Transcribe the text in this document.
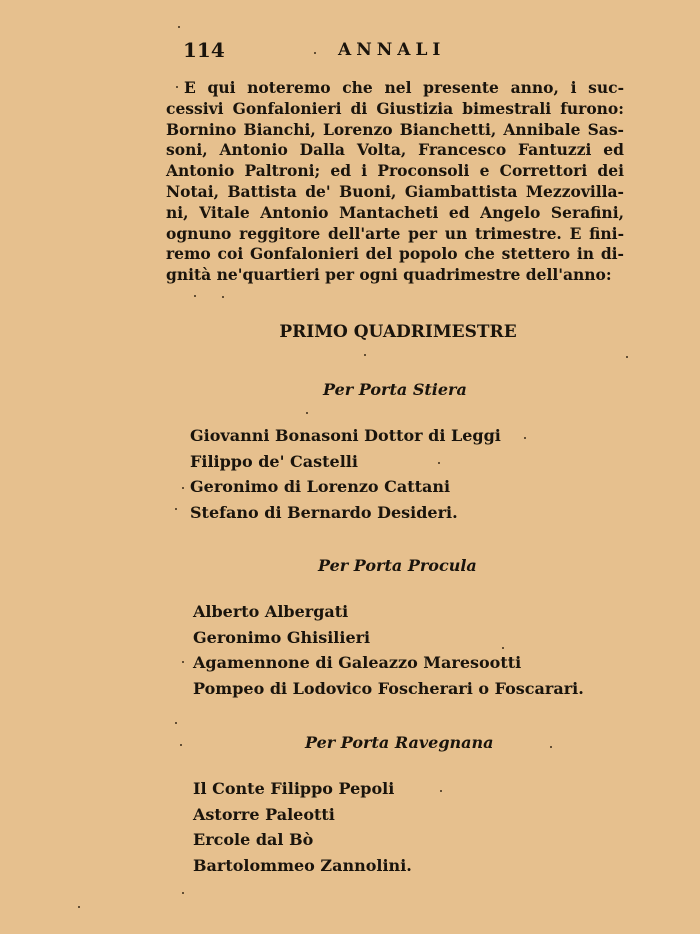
114	ANNALI

E qui noteremo che nel presente anno, i suc-
cessivi Gonfalonieri di Giustizia bimestrali furono:
Bornino Bianchi, Lorenzo Bianchetti, Annibale Sas-
soni, Antonio Dalla Volta, Francesco Fantuzzi ed
Antonio Paltroni; ed i Proconsoli e Correttori dei
Notai, Battista de' Buoni, Giambattista Mezzovilla-
ni, Vitale Antonio Mantacheti ed Angelo Serafini,
ognuno reggitore dell'arte per un trimestre. E fini-
remo coi Gonfalonieri del popolo che stettero in di-
gnità ne'quartieri per ogni quadrimestre dell'anno:

PRIMO QUADRIMESTRE
Per Porta Stiera
Giovanni Bonasoni Dottor di Leggi
Filippo de' Castelli
Geronimo di Lorenzo Cattani
Stefano di Bernardo Desideri.
Per Porta Procula
Alberto Albergati
Geronimo Ghisilieri
Agamennone di Galeazzo Maresootti
Pompeo di Lodovico Foscherari o Foscarari.
Per Porta Ravegnana
Il Conte Filippo Pepoli
Astorre Paleotti
Ercole dal Bò
Bartolommeo Zannolini.
